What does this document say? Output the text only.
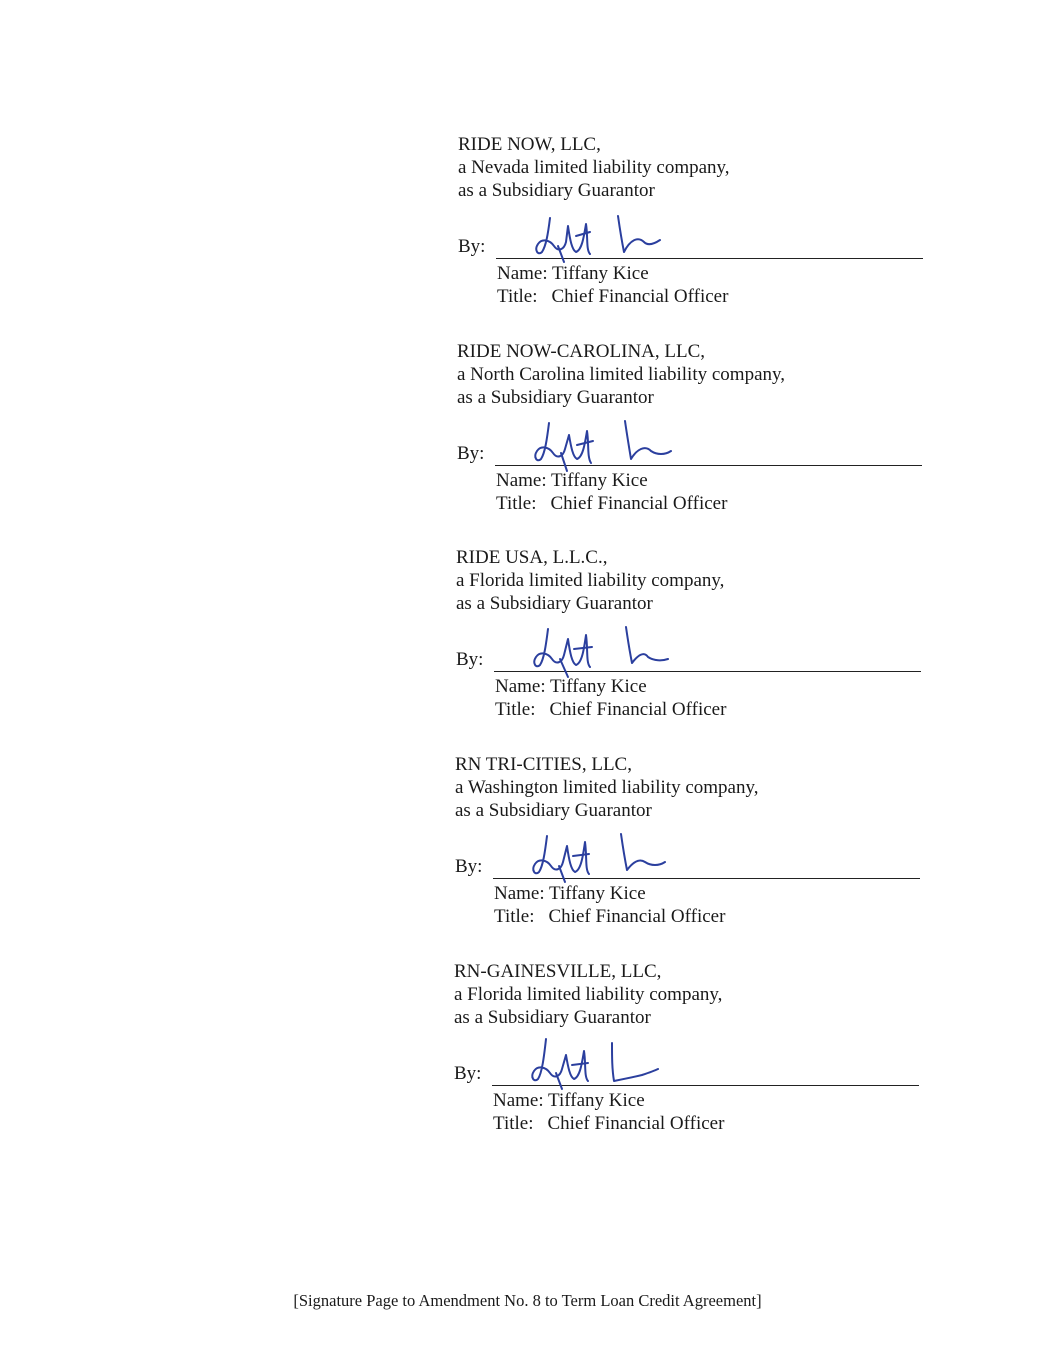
RIDE NOW, LLC,
a Nevada limited liability company,
as a Subsidiary Guarantor
By:
Name: Tiffany Kice
Title: Chief Financial Officer
RIDE NOW-CAROLINA, LLC,
a North Carolina limited liability company,
as a Subsidiary Guarantor
By:
Name: Tiffany Kice
Title: Chief Financial Officer
RIDE USA, L.L.C.,
a Florida limited liability company,
as a Subsidiary Guarantor
By:
Name: Tiffany Kice
Title: Chief Financial Officer
RN TRI-CITIES, LLC,
a Washington limited liability company,
as a Subsidiary Guarantor
By:
Name: Tiffany Kice
Title: Chief Financial Officer
RN-GAINESVILLE, LLC,
a Florida limited liability company,
as a Subsidiary Guarantor
By:
Name: Tiffany Kice
Title: Chief Financial Officer
[Signature Page to Amendment No. 8 to Term Loan Credit Agreement]
